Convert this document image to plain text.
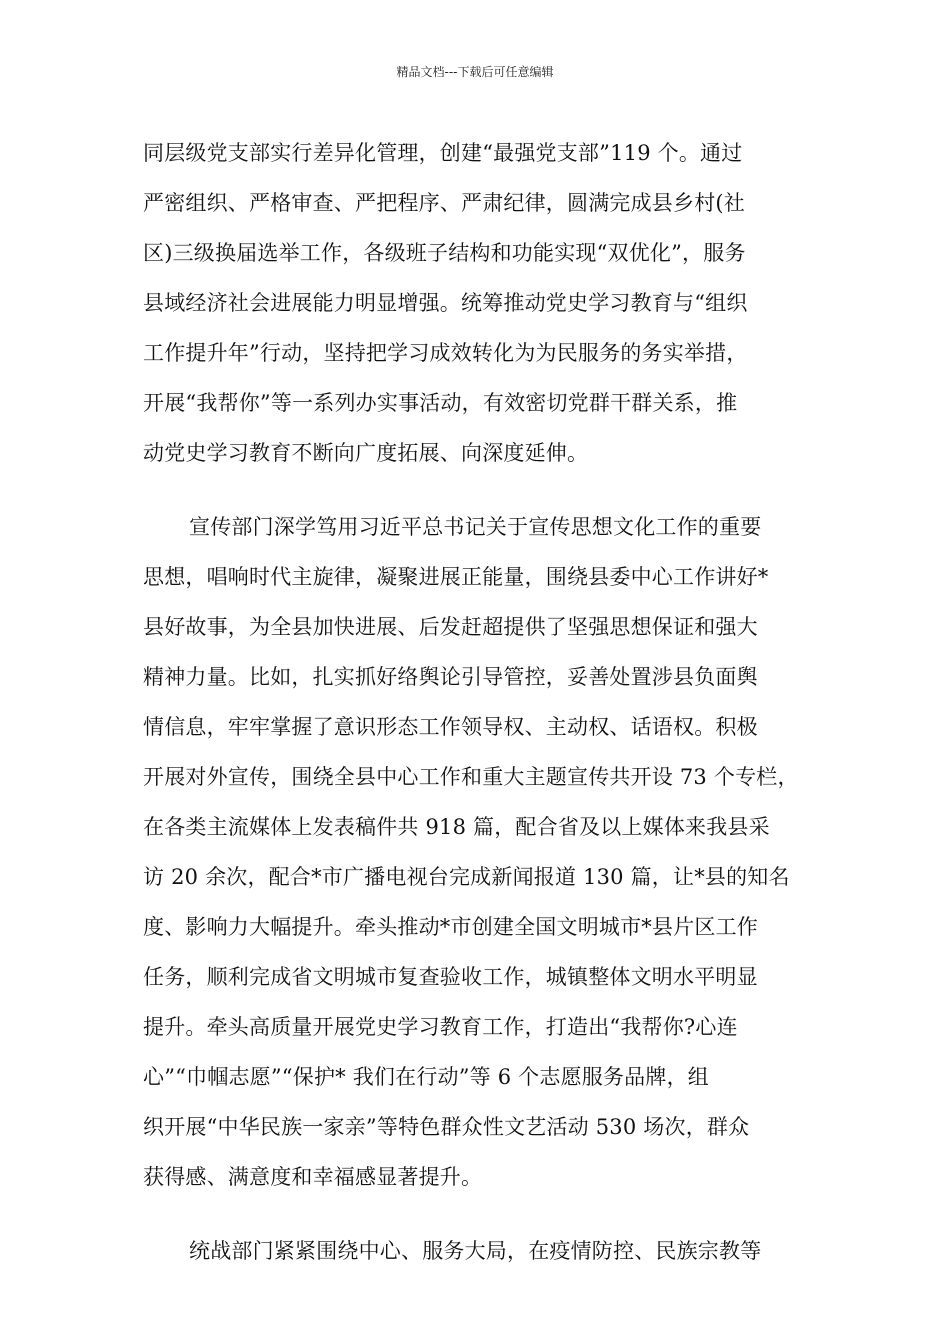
精品文档---下载后可任意编辑
同层级党支部实行差异化管理，创建“最强党支部”119 个。通过
严密组织、严格审查、严把程序、严肃纪律，圆满完成县乡村(社
区)三级换届选举工作，各级班子结构和功能实现“双优化”，服务
县域经济社会进展能力明显增强。统筹推动党史学习教育与“组织
工作提升年”行动，坚持把学习成效转化为为民服务的务实举措，
开展“我帮你”等一系列办实事活动，有效密切党群干群关系，推
动党史学习教育不断向广度拓展、向深度延伸。
宣传部门深学笃用习近平总书记关于宣传思想文化工作的重要
思想，唱响时代主旋律，凝聚进展正能量，围绕县委中心工作讲好*
县好故事，为全县加快进展、后发赶超提供了坚强思想保证和强大
精神力量。比如，扎实抓好络舆论引导管控，妥善处置涉县负面舆
情信息，牢牢掌握了意识形态工作领导权、主动权、话语权。积极
开展对外宣传，围绕全县中心工作和重大主题宣传共开设 73 个专栏，
在各类主流媒体上发表稿件共 918 篇，配合省及以上媒体来我县采
访 20 余次，配合*市广播电视台完成新闻报道 130 篇，让*县的知名
度、影响力大幅提升。牵头推动*市创建全国文明城市*县片区工作
任务，顺利完成省文明城市复查验收工作，城镇整体文明水平明显
提升。牵头高质量开展党史学习教育工作，打造出“我帮你?心连
心”“巾帼志愿”“保护* 我们在行动”等 6 个志愿服务品牌，组
织开展“中华民族一家亲”等特色群众性文艺活动 530 场次，群众
获得感、满意度和幸福感显著提升。
统战部门紧紧围绕中心、服务大局，在疫情防控、民族宗教等
